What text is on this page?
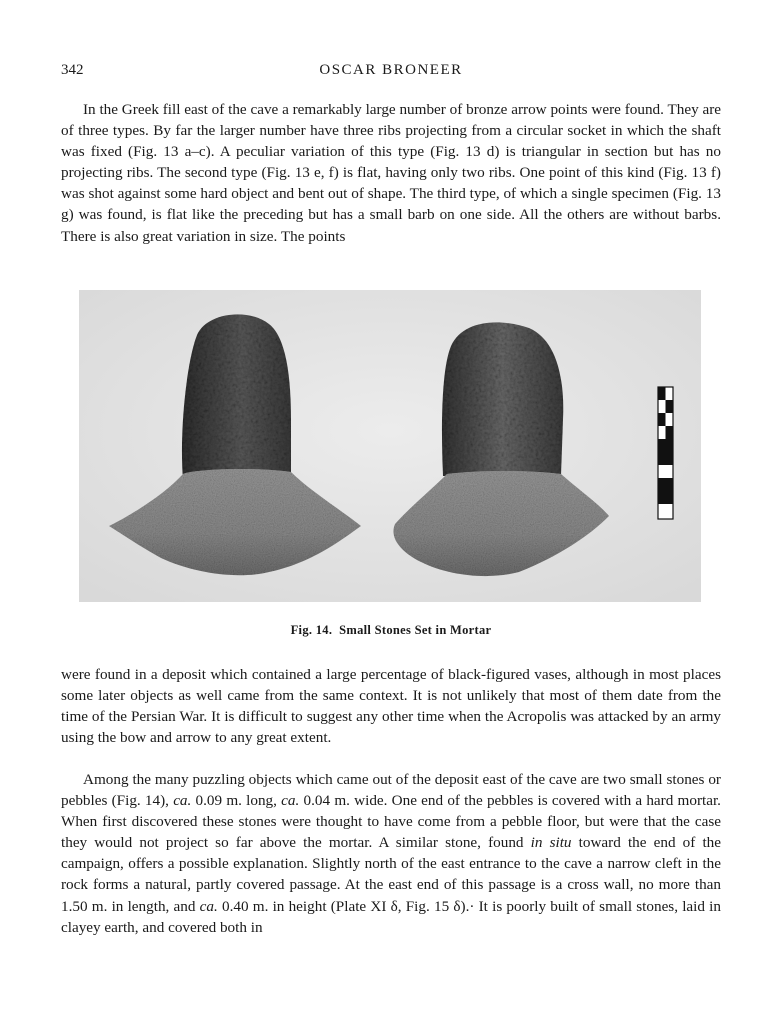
342	OSCAR BRONEER

In the Greek fill east of the cave a remarkably large number of bronze arrow points were found. They are of three types. By far the larger number have three ribs projecting from a circular socket in which the shaft was fixed (Fig. 13 a–c). A peculiar variation of this type (Fig. 13 d) is triangular in section but has no projecting ribs. The second type (Fig. 13 e, f) is flat, having only two ribs. One point of this kind (Fig. 13 f) was shot against some hard object and bent out of shape. The third type, of which a single specimen (Fig. 13 g) was found, is flat like the preceding but has a small barb on one side. All the others are without barbs. There is also great variation in size. The points

Fig. 14. Small Stones Set in Mortar

were found in a deposit which contained a large percentage of black-figured vases, although in most places some later objects as well came from the same context. It is not unlikely that most of them date from the time of the Persian War. It is difficult to suggest any other time when the Acropolis was attacked by an army using the bow and arrow to any great extent.

Among the many puzzling objects which came out of the deposit east of the cave are two small stones or pebbles (Fig. 14), ca. 0.09 m. long, ca. 0.04 m. wide. One end of the pebbles is covered with a hard mortar. When first discovered these stones were thought to have come from a pebble floor, but were that the case they would not project so far above the mortar. A similar stone, found in situ toward the end of the campaign, offers a possible explanation. Slightly north of the east entrance to the cave a narrow cleft in the rock forms a natural, partly covered passage. At the east end of this passage is a cross wall, no more than 1.50 m. in length, and ca. 0.40 m. in height (Plate XI δ, Fig. 15 δ).· It is poorly built of small stones, laid in clayey earth, and covered both in
